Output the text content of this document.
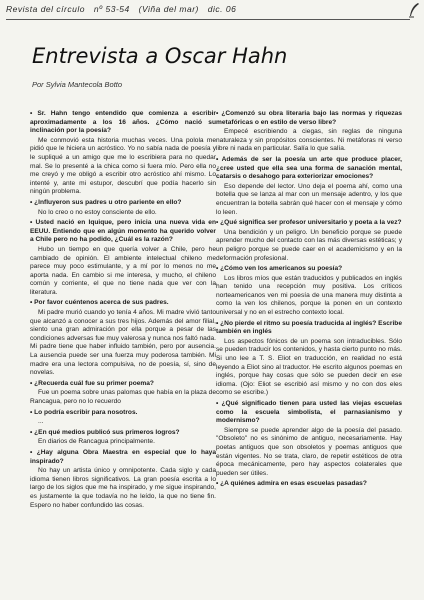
Revista del círculo nº 53-54 (Viña del mar) dic. 06
Entrevista a Oscar Hahn
Por Sylvia Mantecola Botto

• Sr. Hahn tengo entendido que comienza a escribir aproximadamente a los 16 años. ¿Cómo nació su inclinación por la poesía?

Me conmovió esta historia muchas veces. Una polola me pidió que le hiciera un acróstico. Yo no sabía nada de poesía y le supliqué a un amigo que me lo escribiera para no quedar mal. Se lo presenté a la chica como si fuera mío. Pero ella no me creyó y me obligó a escribir otro acróstico ahí mismo. Lo intenté y, ante mi estupor, descubrí que podía hacerlo sin ningún problema.

• ¿Influyeron sus padres u otro pariente en ello?

No lo creo o no estoy consciente de ello.

• Usted nació en Iquique, pero inicia una nueva vida en EEUU. Entiendo que en algún momento ha querido volver a Chile pero no ha podido, ¿Cuál es la razón?

Hubo un tiempo en que quería volver a Chile, pero he cambiado de opinión. El ambiente intelectual chileno me parece muy poco estimulante, y a mí por lo menos no me aporta nada. En cambio si me interesa, y mucho, el chileno común y corriente, el que no tiene nada que ver con la literatura.

• Por favor cuéntenos acerca de sus padres.

Mi padre murió cuando yo tenía 4 años. Mi madre vivió tanto que alcanzó a conocer a sus tres hijos. Además del amor filial, siento una gran admiración por ella porque a pesar de las condiciones adversas fue muy valerosa y nunca nos faltó nada. Mi padre tiene que haber influido también, pero por ausencia. La ausencia puede ser una fuerza muy poderosa también. Mi madre era una lectora compulsiva, no de poesía, sí, sino de novelas.

• ¿Recuerda cuál fue su primer poema?

Fue un poema sobre unas palomas que había en la plaza de Rancagua, pero no lo recuerdo

• Lo podría escribir para nosotros.

...

• ¿En qué medios publicó sus primeros logros?

En diarios de Rancagua principalmente.

• ¿Hay alguna Obra Maestra en especial que lo haya inspirado?

No hay un artista único y omnipotente. Cada siglo y cada idioma tienen libros significativos. La gran poesía escrita a lo largo de los siglos que me ha inspirado, y me sigue inspirando, es justamente la que todavía no he leído, la que no tiene fin. Espero no haber confundido las cosas.

• ¿Comenzó su obra literaria bajo las normas y riquezas metafóricas o en estilo de verso libre?

Empecé escribiendo a ciegas, sin reglas de ninguna naturaleza y sin propósitos conscientes. Ni metáforas ni verso libre ni nada en particular. Salía lo que salía.

• Además de ser la poesía un arte que produce placer, ¿cree usted que ella sea una forma de sanación mental, catarsis o desahogo para exteriorizar emociones?

Eso depende del lector. Uno deja el poema ahí, como una botella que se lanza al mar con un mensaje adentro, y los que encuentran la botella sabrán qué hacer con el mensaje y cómo lo leen.

• ¿Qué significa ser profesor universitario y poeta a la vez?

Una bendición y un peligro. Un beneficio porque se puede aprender mucho del contacto con las más diversas estéticas; y un peligro porque se puede caer en el academicismo y en la deformación profesional.

• ¿Cómo ven los americanos su poesía?

Los libros míos que están traducidos y publicados en inglés han tenido una recepción muy positiva. Los críticos norteamericanos ven mi poesía de una manera muy distinta a como la ven los chilenos, porque la ponen en un contexto universal y no en el estrecho contexto local.

• ¿No pierde el ritmo su poesía traducida al inglés? Escribe también en inglés

Los aspectos fónicos de un poema son intraducibles. Sólo se pueden traducir los contenidos, y hasta cierto punto no más. Si uno lee a T. S. Eliot en traducción, en realidad no está leyendo a Eliot sino al traductor. He escrito algunos poemas en inglés, porque hay cosas que sólo se pueden decir en ese idioma. (Ojo: Eliot se escribió así mismo y no con dos eles como se escribe.)

• ¿Qué significado tienen para usted las viejas escuelas como la escuela simbolista, el parnasianismo y modernismo?

Siempre se puede aprender algo de la poesía del pasado. "Obsoleto" no es sinónimo de antiguo, necesariamente. Hay poetas antiguos que son obsoletos y poemas antiguos que están vigentes. No se trata, claro, de repetir estéticos de otra época mecánicamente, pero hay aspectos colaterales que pueden ser útiles.

• ¿A quiénes admira en esas escuelas pasadas?
